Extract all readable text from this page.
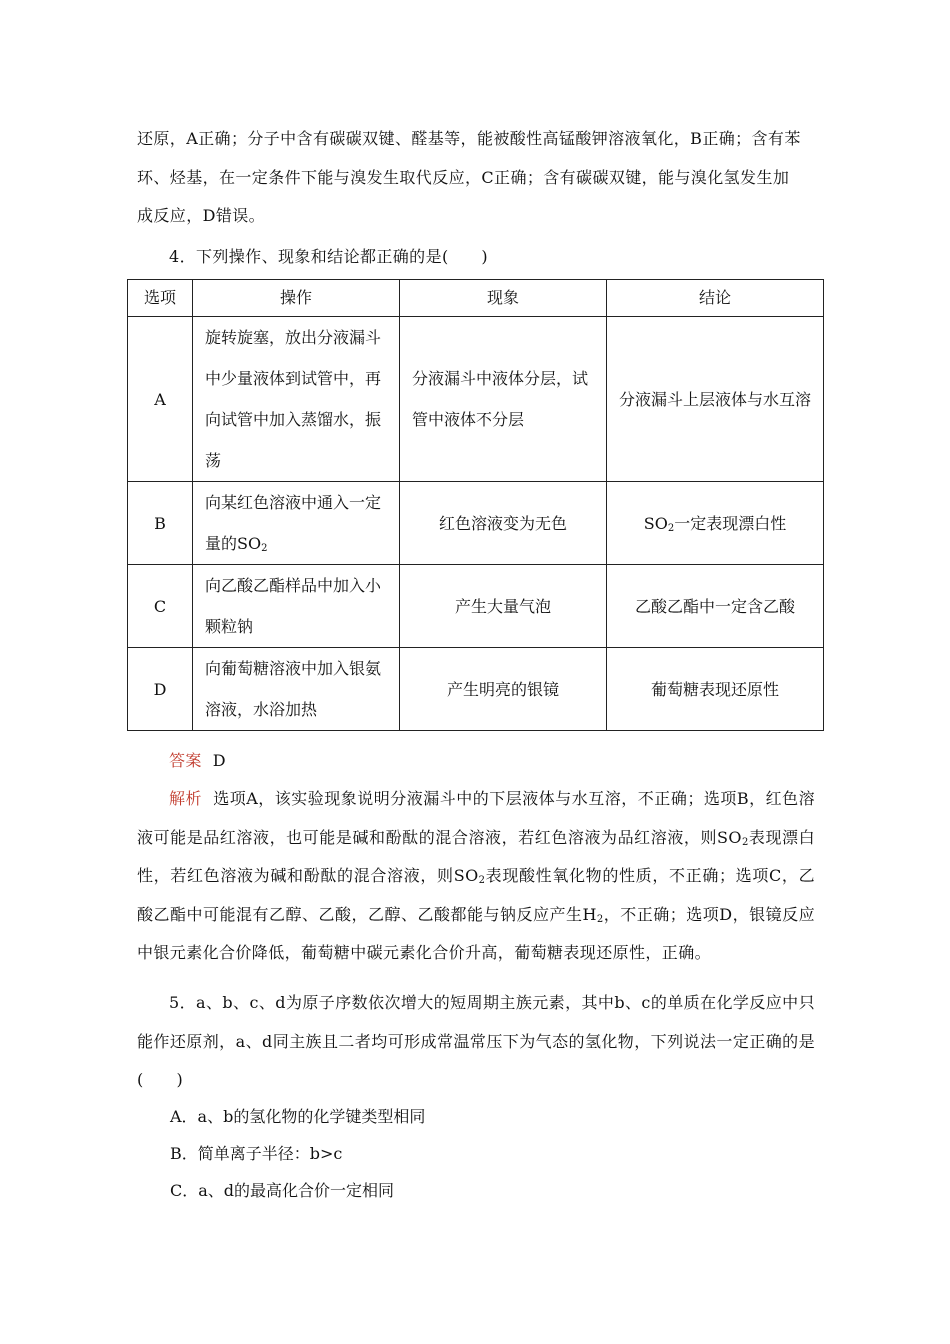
还原，A正确；分子中含有碳碳双键、醛基等，能被酸性高锰酸钾溶液氧化，B正确；含有苯
环、烃基，在一定条件下能与溴发生取代反应，C正确；含有碳碳双键，能与溴化氢发生加
成反应，D错误。

4．下列操作、现象和结论都正确的是(　　)

选项	操作	现象	结论
A	旋转旋塞，放出分液漏斗中少量液体到试管中，再向试管中加入蒸馏水，振荡	分液漏斗中液体分层，试管中液体不分层	分液漏斗上层液体与水互溶
B	向某红色溶液中通入一定量的$SO_2$	红色溶液变为无色	$SO_2$一定表现漂白性
C	向乙酸乙酯样品中加入小颗粒钠	产生大量气泡	乙酸乙酯中一定含乙酸
D	向葡萄糖溶液中加入银氨溶液，水浴加热	产生明亮的银镜	葡萄糖表现还原性

答案 D

解析 选项A，该实验现象说明分液漏斗中的下层液体与水互溶，不正确；选项B，红色溶液可能是品红溶液，也可能是碱和酚酞的混合溶液，若红色溶液为品红溶液，则$SO_2$表现漂白性，若红色溶液为碱和酚酞的混合溶液，则$SO_2$表现酸性氧化物的性质，不正确；选项C，乙酸乙酯中可能混有乙醇、乙酸，乙醇、乙酸都能与钠反应产生$H_2$，不正确；选项D，银镜反应中银元素化合价降低，葡萄糖中碳元素化合价升高，葡萄糖表现还原性，正确。

5．a、b、c、d为原子序数依次增大的短周期主族元素，其中b、c的单质在化学反应中只能作还原剂，a、d同主族且二者均可形成常温常压下为气态的氢化物，下列说法一定正确的是(　　)

A．a、b的氢化物的化学键类型相同

B．简单离子半径：b>c

C．a、d的最高化合价一定相同
